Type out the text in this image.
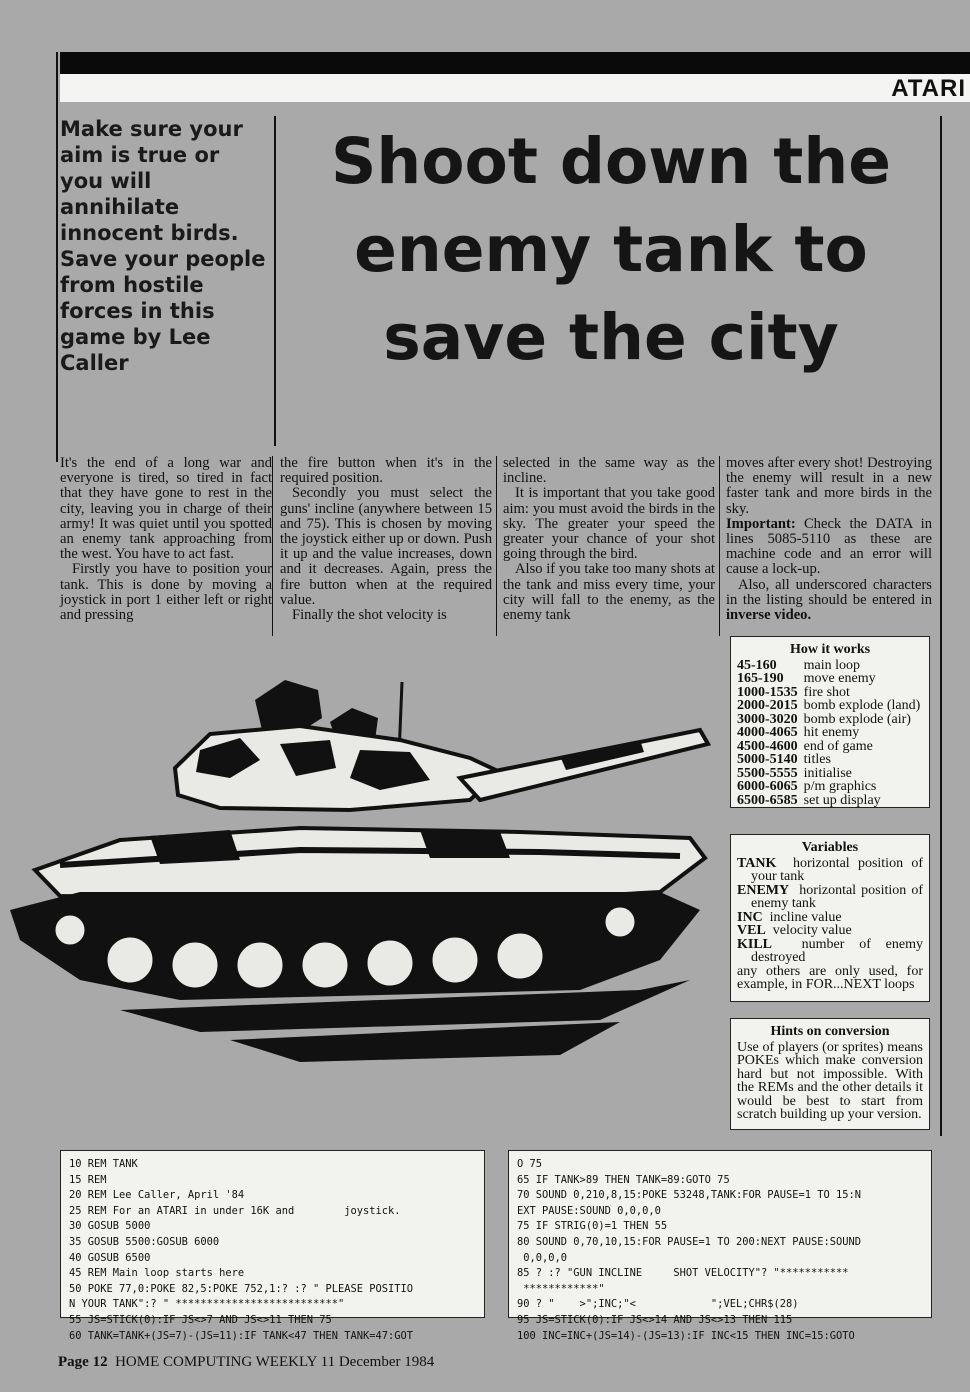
ATARI
Make sure your aim is true or you will annihilate innocent birds. Save your people from hostile forces in this game by Lee Caller
Shoot down the enemy tank to save the city

It's the end of a long war and everyone is tired, so tired in fact that they have gone to rest in the city, leaving you in charge of their army! It was quiet until you spotted an enemy tank approaching from the west. You have to act fast.

Firstly you have to position your tank. This is done by moving a joystick in port 1 either left or right and pressing

the fire button when it's in the required position.

Secondly you must select the guns' incline (anywhere between 15 and 75). This is chosen by moving the joystick either up or down. Push it up and the value increases, down and it decreases. Again, press the fire button when at the required value.

Finally the shot velocity is

selected in the same way as the incline.

It is important that you take good aim: you must avoid the birds in the sky. The greater your speed the greater your chance of your shot going through the bird.

Also if you take too many shots at the tank and miss every time, your city will fall to the enemy, as the enemy tank

moves after every shot! Destroying the enemy will result in a new faster tank and more birds in the sky.

Important: Check the DATA in lines 5085-5110 as these are machine code and an error will cause a lock-up.

Also, all underscored characters in the listing should be entered in inverse video.

How it works
45-160	main loop
165-190	move enemy
1000-1535	fire shot
2000-2015	bomb explode (land)
3000-3020	bomb explode (air)
4000-4065	hit enemy
4500-4600	end of game
5000-5140	titles
5500-5555	initialise
6000-6065	p/m graphics
6500-6585	set up display
Variables
TANK horizontal position of your tank
ENEMY horizontal position of enemy tank
INC incline value
VEL velocity value
KILL number of enemy destroyed
any others are only used, for example, in FOR...NEXT loops
Hints on conversion

Use of players (or sprites) means POKEs which make conversion hard but not impossible. With the REMs and the other details it would be best to start from scratch building up your version.

10 REM TANK
15 REM
20 REM Lee Caller, April '84
25 REM For an ATARI in under 16K and        joystick.
30 GOSUB 5000
35 GOSUB 5500:GOSUB 6000
40 GOSUB 6500
45 REM Main loop starts here
50 POKE 77,0:POKE 82,5:POKE 752,1:? :? " PLEASE POSITIO
N YOUR TANK":? " **************************"
55 JS=STICK(0):IF JS<>7 AND JS<>11 THEN 75
60 TANK=TANK+(JS=7)-(JS=11):IF TANK<47 THEN TANK=47:GOT
O 75
65 IF TANK>89 THEN TANK=89:GOTO 75
70 SOUND 0,210,8,15:POKE 53248,TANK:FOR PAUSE=1 TO 15:N
EXT PAUSE:SOUND 0,0,0,0
75 IF STRIG(0)=1 THEN 55
80 SOUND 0,70,10,15:FOR PAUSE=1 TO 200:NEXT PAUSE:SOUND
0,0,0,0
85 ? :? "GUN INCLINE     SHOT VELOCITY"? "***********
************"
90 ? "    >";INC;"<            ";VEL;CHR$(28)
95 JS=STICK(0):IF JS<>14 AND JS<>13 THEN 115
100 INC=INC+(JS=14)-(JS=13):IF INC<15 THEN INC=15:GOTO
Page 12 HOME COMPUTING WEEKLY 11 December 1984
